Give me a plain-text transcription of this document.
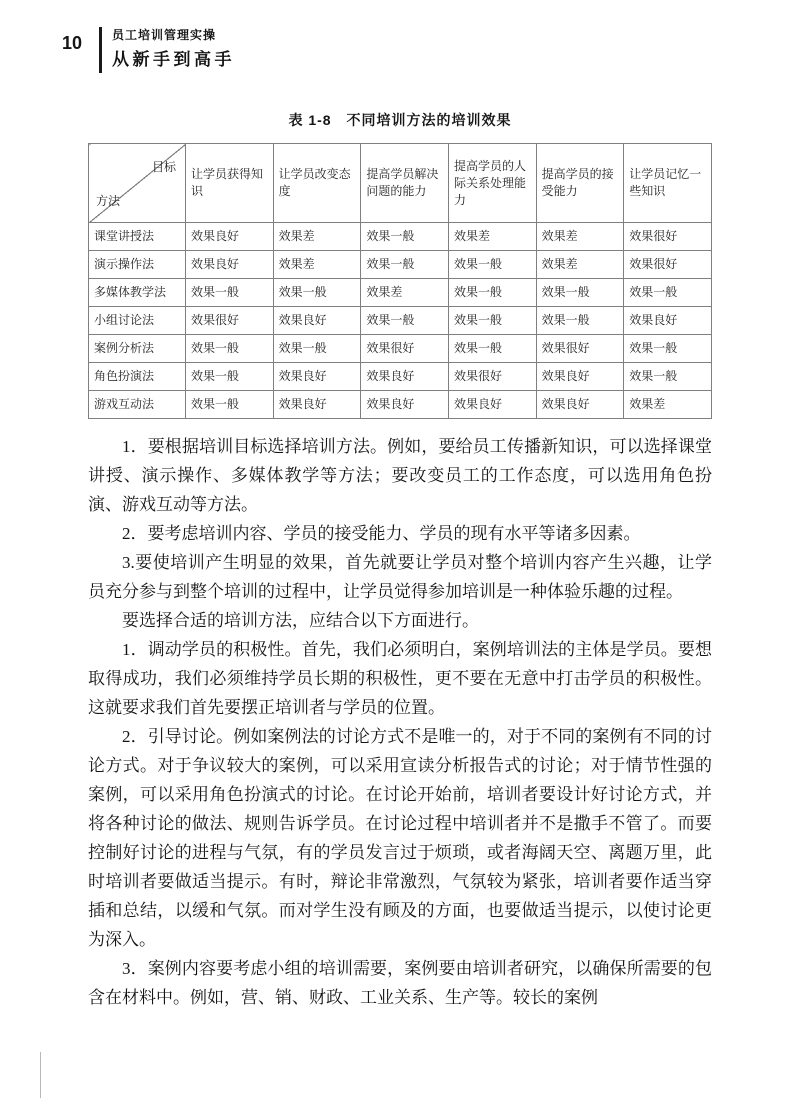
10	员工培训管理实操
从新手到高手
表 1-8　不同培训方法的培训效果
目标
方法	让学员获得知识	让学员改变态度	提高学员解决问题的能力	提高学员的人际关系处理能力	提高学员的接受能力	让学员记忆一些知识
课堂讲授法	效果良好	效果差	效果一般	效果差	效果差	效果很好
演示操作法	效果良好	效果差	效果一般	效果一般	效果差	效果很好
多媒体教学法	效果一般	效果一般	效果差	效果一般	效果一般	效果一般
小组讨论法	效果很好	效果良好	效果一般	效果一般	效果一般	效果良好
案例分析法	效果一般	效果一般	效果很好	效果一般	效果很好	效果一般
角色扮演法	效果一般	效果良好	效果良好	效果很好	效果良好	效果一般
游戏互动法	效果一般	效果良好	效果良好	效果良好	效果良好	效果差

1．要根据培训目标选择培训方法。例如，要给员工传播新知识，可以选择课堂讲授、演示操作、多媒体教学等方法；要改变员工的工作态度，可以选用角色扮演、游戏互动等方法。

2．要考虑培训内容、学员的接受能力、学员的现有水平等诸多因素。

3.要使培训产生明显的效果，首先就要让学员对整个培训内容产生兴趣，让学员充分参与到整个培训的过程中，让学员觉得参加培训是一种体验乐趣的过程。

要选择合适的培训方法，应结合以下方面进行。

1．调动学员的积极性。首先，我们必须明白，案例培训法的主体是学员。要想取得成功，我们必须维持学员长期的积极性，更不要在无意中打击学员的积极性。这就要求我们首先要摆正培训者与学员的位置。

2．引导讨论。例如案例法的讨论方式不是唯一的，对于不同的案例有不同的讨论方式。对于争议较大的案例，可以采用宣读分析报告式的讨论；对于情节性强的案例，可以采用角色扮演式的讨论。在讨论开始前，培训者要设计好讨论方式，并将各种讨论的做法、规则告诉学员。在讨论过程中培训者并不是撒手不管了。而要控制好讨论的进程与气氛，有的学员发言过于烦琐，或者海阔天空、离题万里，此时培训者要做适当提示。有时，辩论非常激烈，气氛较为紧张，培训者要作适当穿插和总结，以缓和气氛。而对学生没有顾及的方面，也要做适当提示，以使讨论更为深入。

3．案例内容要考虑小组的培训需要，案例要由培训者研究，以确保所需要的包含在材料中。例如，营、销、财政、工业关系、生产等。较长的案例
